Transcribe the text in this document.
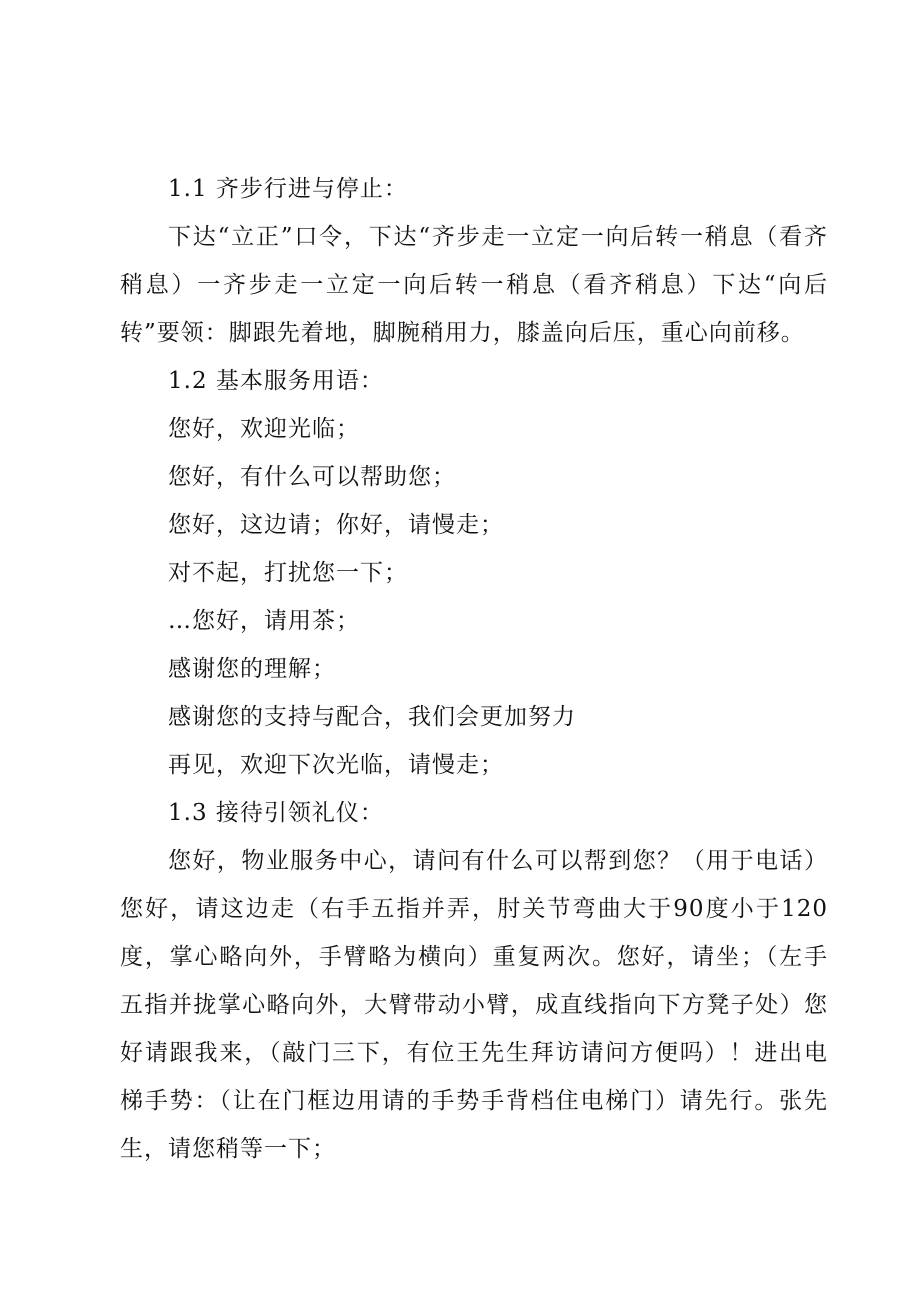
1.1 齐步行进与停止：

下达“立正”口令，下达“齐步走一立定一向后转一稍息（看齐稍息）一齐步走一立定一向后转一稍息（看齐稍息）下达“向后转”要领：脚跟先着地，脚腕稍用力，膝盖向后压，重心向前移。

1.2 基本服务用语：

您好，欢迎光临；

您好，有什么可以帮助您；

您好，这边请；你好，请慢走；

对不起，打扰您一下；

…您好，请用茶；

感谢您的理解；

感谢您的支持与配合，我们会更加努力

再见，欢迎下次光临，请慢走；

1.3 接待引领礼仪：

您好，物业服务中心，请问有什么可以帮到您？（用于电话）您好，请这边走（右手五指并弄，肘关节弯曲大于90度小于120度，掌心略向外，手臂略为横向）重复两次。您好，请坐；（左手五指并拢掌心略向外，大臂带动小臂，成直线指向下方凳子处）您好请跟我来，（敲门三下，有位王先生拜访请问方便吗）！进出电梯手势：（让在门框边用请的手势手背档住电梯门）请先行。张先生，请您稍等一下；
